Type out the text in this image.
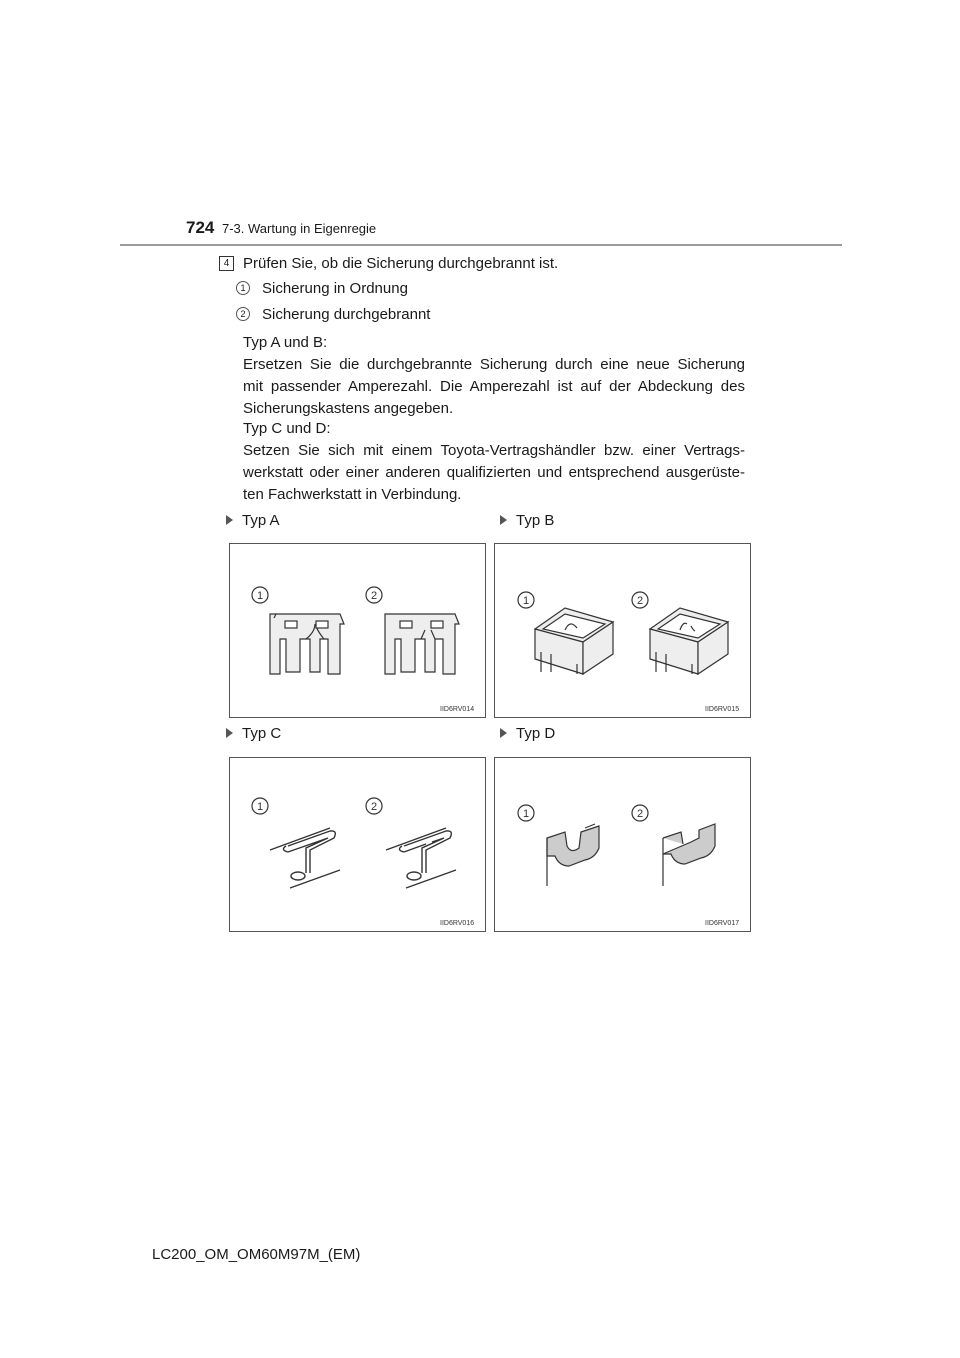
724 7-3. Wartung in Eigenregie
4 Prüfen Sie, ob die Sicherung durchgebrannt ist.
1	Sicherung in Ordnung
2	Sicherung durchgebrannt
Typ A und B:
Ersetzen Sie die durchgebrannte Sicherung durch eine neue Sicherung
mit passender Amperezahl. Die Amperezahl ist auf der Abdeckung des
Sicherungskastens angegeben.
Typ C und D:
Setzen Sie sich mit einem Toyota-Vertragshändler bzw. einer Vertrags-
werkstatt oder einer anderen qualifizierten und entsprechend ausgerüste-
ten Fachwerkstatt in Verbindung.
Typ A	Typ B
Typ C	Typ D
1	2
IID6RV014
1	2
IID6RV015
1	2
IID6RV016
1	2
IID6RV017
LC200_OM_OM60M97M_(EM)
